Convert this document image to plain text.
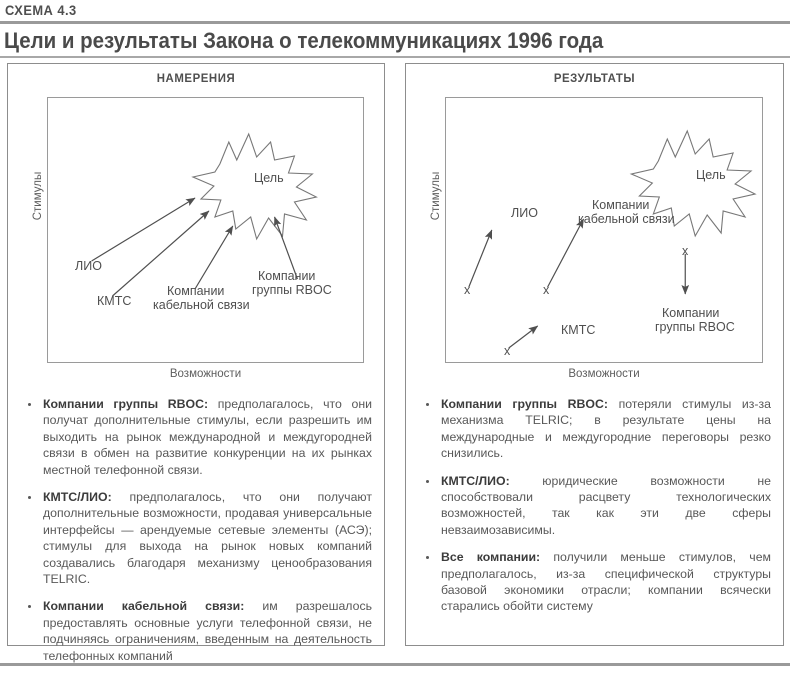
СХЕМА 4.3
Цели и результаты Закона о телекоммуникациях 1996 года
НАМЕРЕНИЯ
Стимулы	Цель
ЛИО
КМТС
Компании
кабельной связи
Компании
группы RBOC
Возможности
Компании группы RBOC: предполагалось, что они получат дополнительные стимулы, если разрешить им выходить на рынок международной и междугородней связи в обмен на развитие конкуренции на их рынках местной телефонной связи.
КМТС/ЛИО: предполагалось, что они получают дополнительные возможности, продавая универсальные интерфейсы — арендуемые сетевые элементы (АСЭ); стимулы для выхода на рынок новых компаний создавались благодаря механизму ценообразования TELRIC.
Компании кабельной связи: им разрешалось предоставлять основные услуги телефонной связи, не подчиняясь ограничениям, введенным на деятельность телефонных компаний
РЕЗУЛЬТАТЫ
Стимулы	Цель
ЛИО
Компании
кабельной связи
КМТС
Компании
группы RBOC
x	x
x
x
Возможности
Компании группы RBOC: потеряли стимулы из-за механизма TELRIC; в результате цены на международные и междугородние переговоры резко снизились.
КМТС/ЛИО: юридические возможности не способствовали расцвету технологических возможностей, так как эти две сферы невзаимозависимы.
Все компании: получили меньше стимулов, чем предполагалось, из-за специфической структуры базовой экономики отрасли; компании всячески старались обойти систему
